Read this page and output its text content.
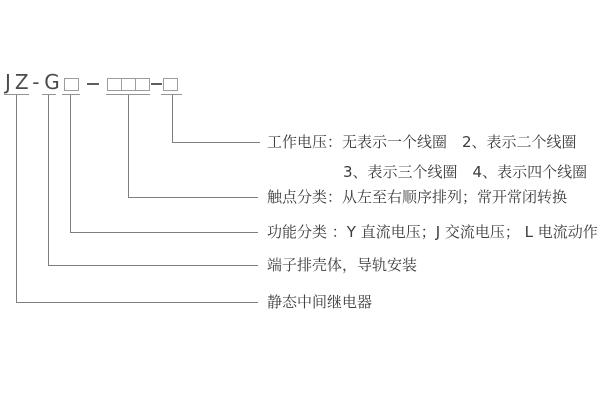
JZ-G
工作电压：无表示一个线圈　2、表示二个线圈
3、表示三个线圈　4、表示四个线圈
触点分类：从左至右顺序排列；常开常闭转换
功能分类 ：Y 直流电压；J 交流电压； L 电流动作
端子排壳体，导轨安装
静态中间继电器
